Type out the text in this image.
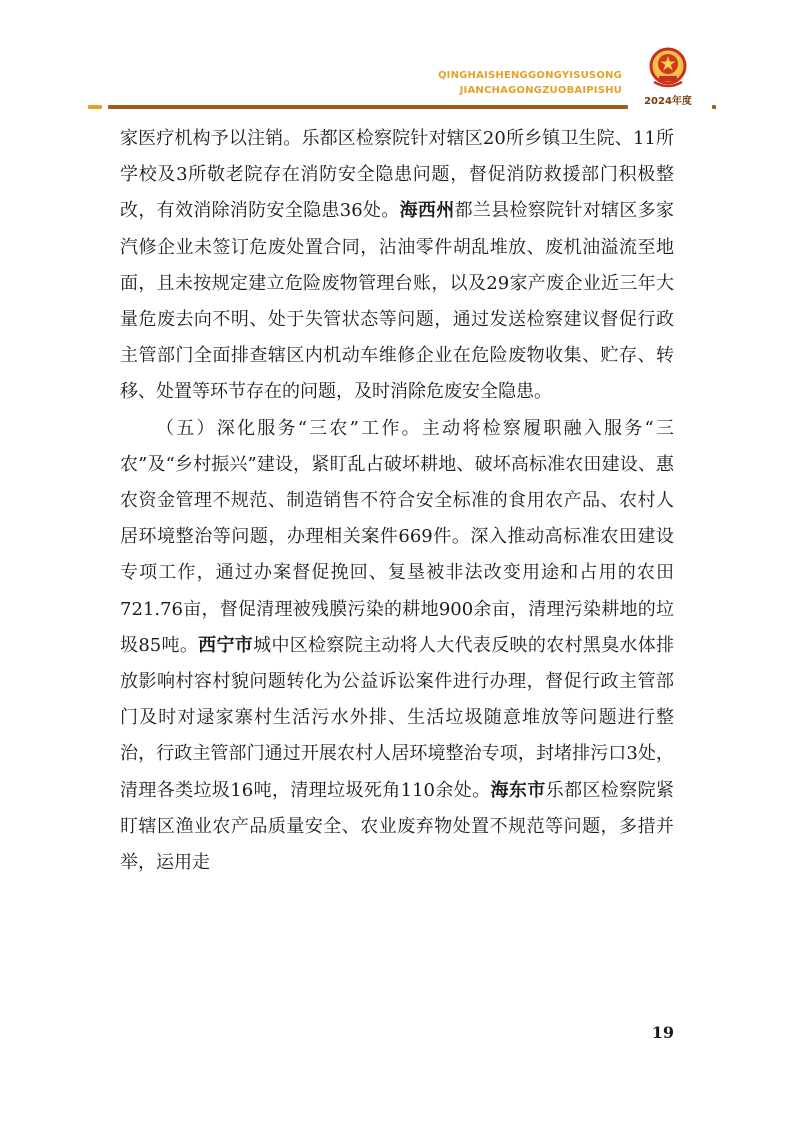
QINGHAISHENGGONGYISUSONG
JIANCHAGONGZUOBAIPISHU
2024年度

家医疗机构予以注销。乐都区检察院针对辖区20所乡镇卫生院、11所学校及3所敬老院存在消防安全隐患问题，督促消防救援部门积极整改，有效消除消防安全隐患36处。海西州都兰县检察院针对辖区多家汽修企业未签订危废处置合同，沾油零件胡乱堆放、废机油溢流至地面，且未按规定建立危险废物管理台账，以及29家产废企业近三年大量危废去向不明、处于失管状态等问题，通过发送检察建议督促行政主管部门全面排查辖区内机动车维修企业在危险废物收集、贮存、转移、处置等环节存在的问题，及时消除危废安全隐患。

（五）深化服务“三农”工作。主动将检察履职融入服务“三农”及“乡村振兴”建设，紧盯乱占破坏耕地、破坏高标准农田建设、惠农资金管理不规范、制造销售不符合安全标准的食用农产品、农村人居环境整治等问题，办理相关案件669件。深入推动高标准农田建设专项工作，通过办案督促挽回、复垦被非法改变用途和占用的农田721.76亩，督促清理被残膜污染的耕地900余亩，清理污染耕地的垃圾85吨。西宁市城中区检察院主动将人大代表反映的农村黑臭水体排放影响村容村貌问题转化为公益诉讼案件进行办理，督促行政主管部门及时对逯家寨村生活污水外排、生活垃圾随意堆放等问题进行整治，行政主管部门通过开展农村人居环境整治专项，封堵排污口3处，清理各类垃圾16吨，清理垃圾死角110余处。海东市乐都区检察院紧盯辖区渔业农产品质量安全、农业废弃物处置不规范等问题，多措并举，运用走

19
